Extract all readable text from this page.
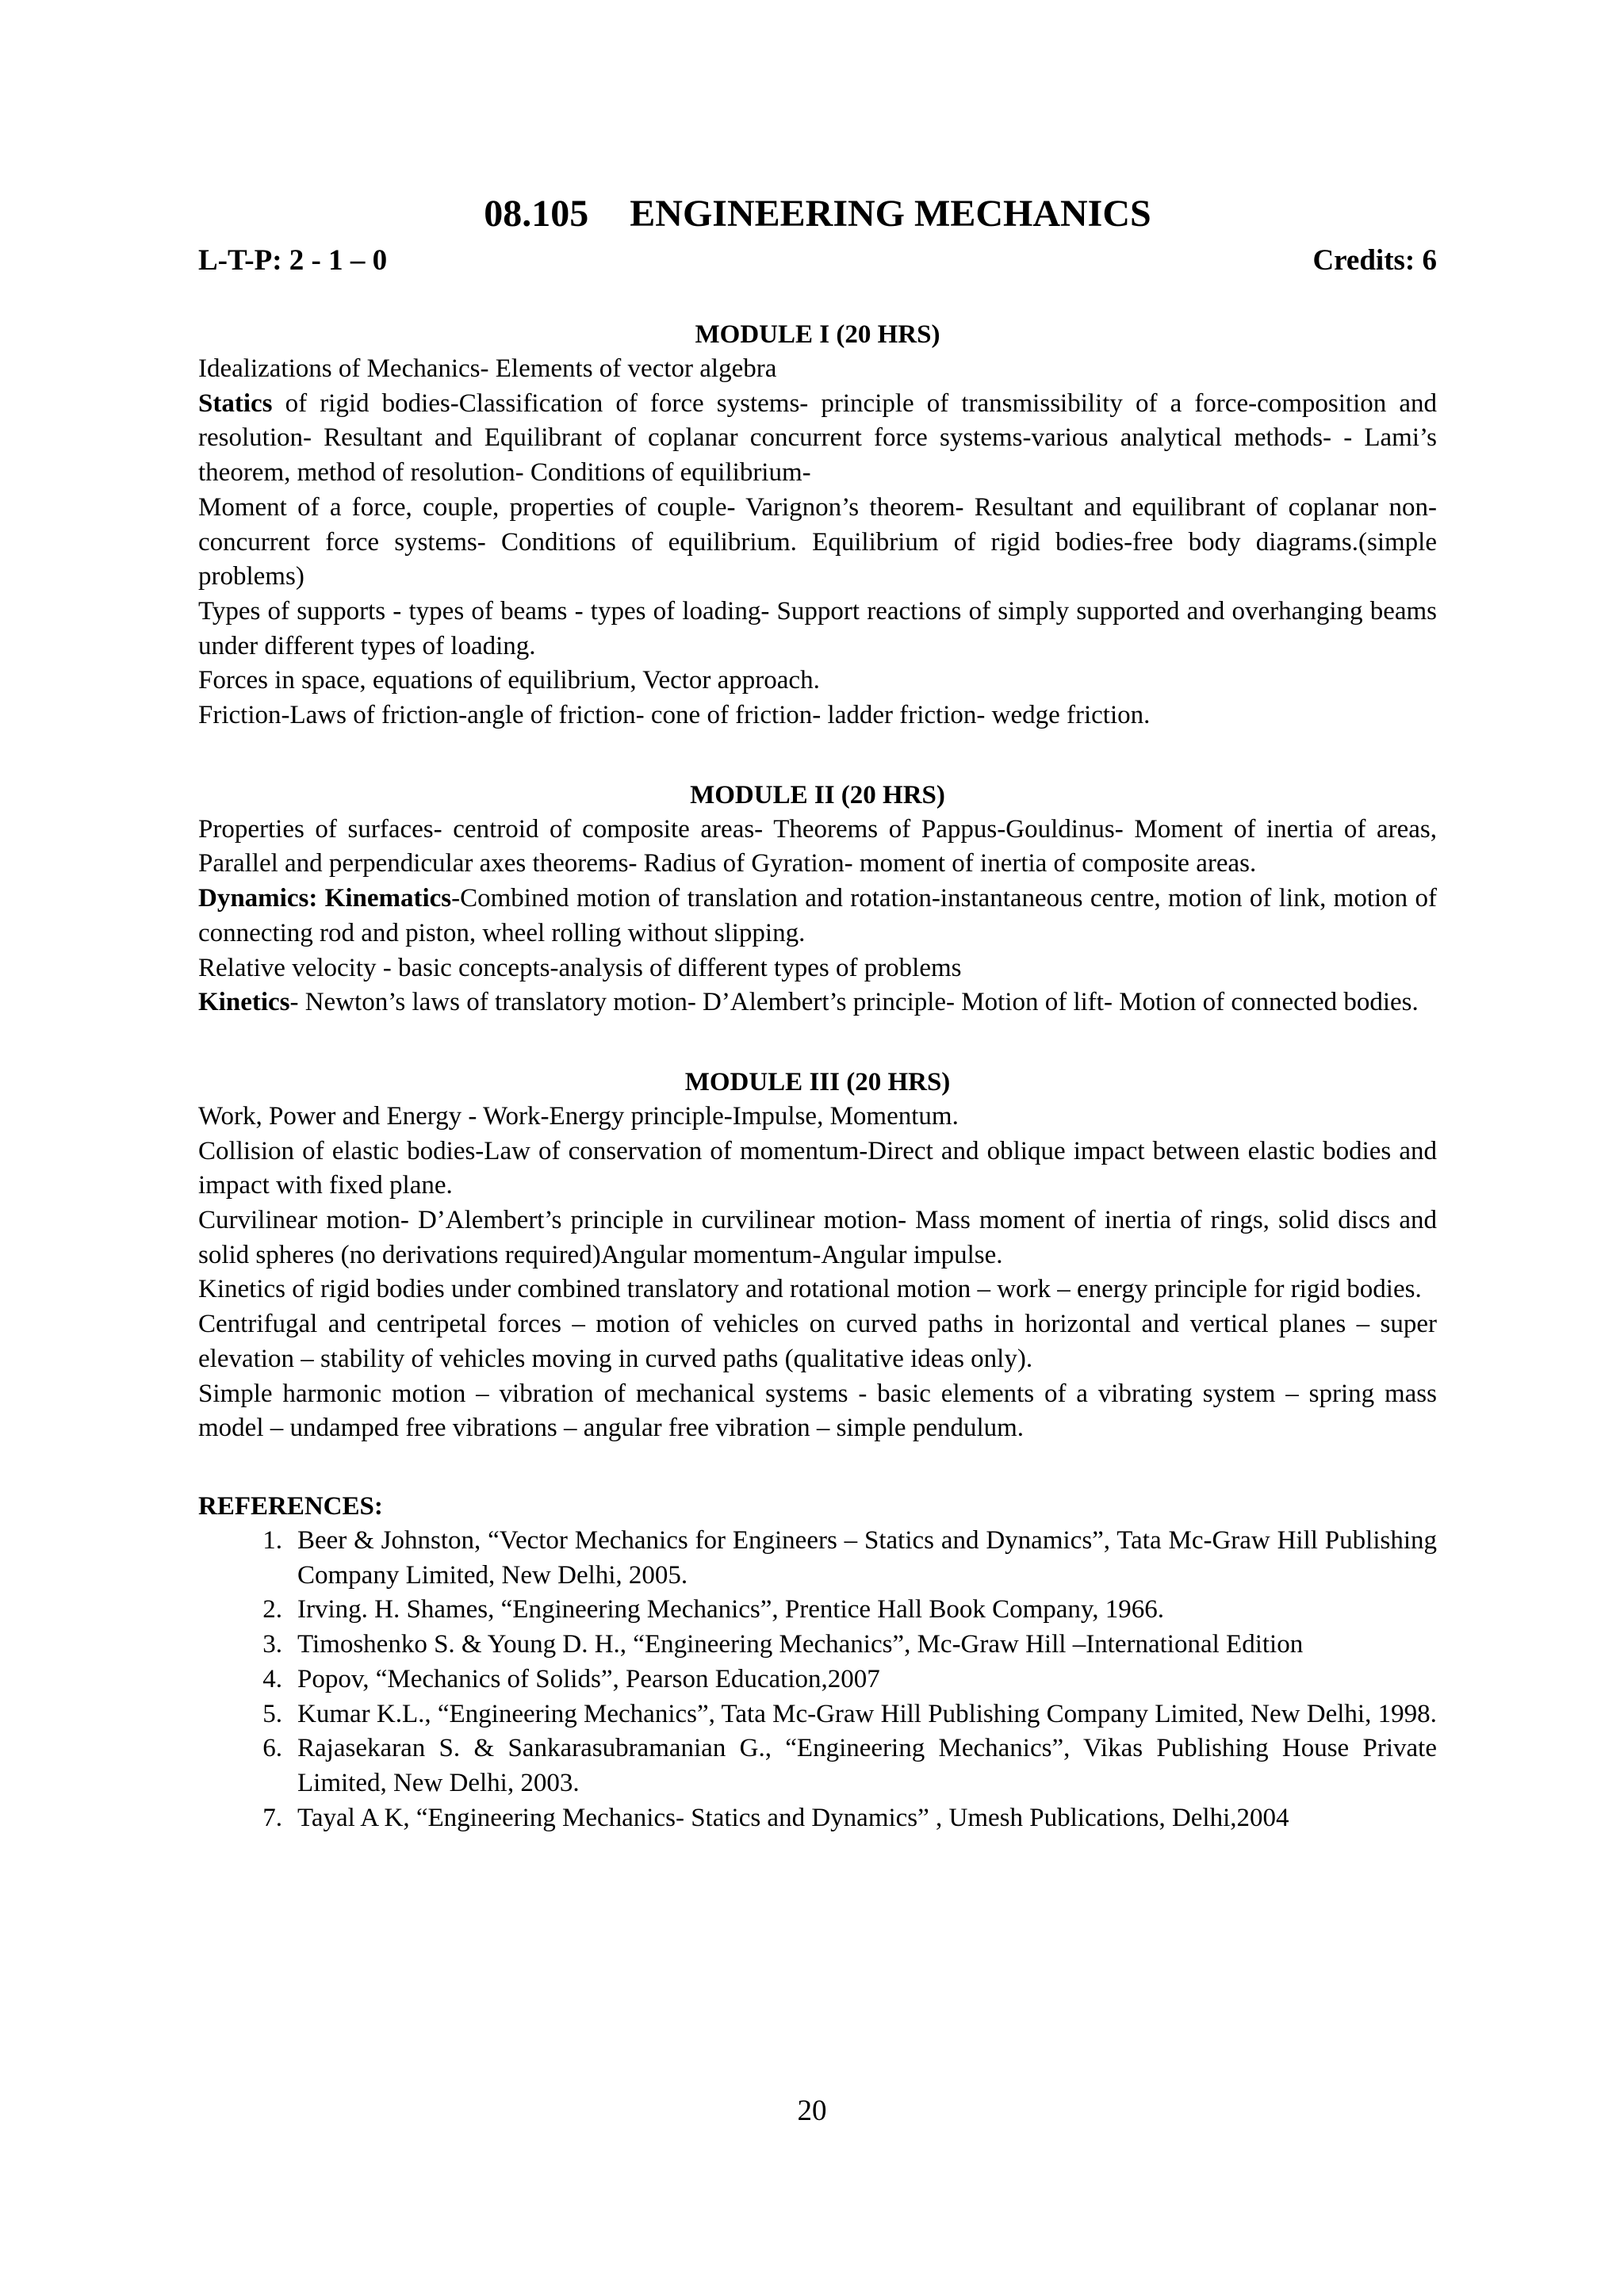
08.105 ENGINEERING MECHANICS
L-T-P: 2 - 1 – 0	Credits: 6
MODULE I (20 HRS)

Idealizations of Mechanics- Elements of vector algebra

Statics of rigid bodies-Classification of force systems- principle of transmissibility of a force-composition and resolution- Resultant and Equilibrant of coplanar concurrent force systems-various analytical methods- - Lami’s theorem, method of resolution- Conditions of equilibrium-

Moment of a force, couple, properties of couple- Varignon’s theorem- Resultant and equilibrant of coplanar non-concurrent force systems- Conditions of equilibrium. Equilibrium of rigid bodies-free body diagrams.(simple problems)

Types of supports - types of beams - types of loading- Support reactions of simply supported and overhanging beams under different types of loading.

Forces in space, equations of equilibrium, Vector approach.

Friction-Laws of friction-angle of friction- cone of friction- ladder friction- wedge friction.

MODULE II (20 HRS)

Properties of surfaces- centroid of composite areas- Theorems of Pappus-Gouldinus- Moment of inertia of areas, Parallel and perpendicular axes theorems- Radius of Gyration- moment of inertia of composite areas.

Dynamics: Kinematics-Combined motion of translation and rotation-instantaneous centre, motion of link, motion of connecting rod and piston, wheel rolling without slipping.

Relative velocity - basic concepts-analysis of different types of problems

Kinetics- Newton’s laws of translatory motion- D’Alembert’s principle- Motion of lift- Motion of connected bodies.

MODULE III (20 HRS)

Work, Power and Energy - Work-Energy principle-Impulse, Momentum.

Collision of elastic bodies-Law of conservation of momentum-Direct and oblique impact between elastic bodies and impact with fixed plane.

Curvilinear motion- D’Alembert’s principle in curvilinear motion- Mass moment of inertia of rings, solid discs and solid spheres (no derivations required)Angular momentum-Angular impulse.

Kinetics of rigid bodies under combined translatory and rotational motion – work – energy principle for rigid bodies.

Centrifugal and centripetal forces – motion of vehicles on curved paths in horizontal and vertical planes – super elevation – stability of vehicles moving in curved paths (qualitative ideas only).

Simple harmonic motion – vibration of mechanical systems - basic elements of a vibrating system – spring mass model – undamped free vibrations – angular free vibration – simple pendulum.

REFERENCES:
1. Beer & Johnston, “Vector Mechanics for Engineers – Statics and Dynamics”, Tata Mc-Graw Hill Publishing Company Limited, New Delhi, 2005.
2. Irving. H. Shames, “Engineering Mechanics”, Prentice Hall Book Company, 1966.
3. Timoshenko S. & Young D. H., “Engineering Mechanics”, Mc-Graw Hill –International Edition
4. Popov, “Mechanics of Solids”, Pearson Education,2007
5. Kumar K.L., “Engineering Mechanics”, Tata Mc-Graw Hill Publishing Company Limited, New Delhi, 1998.
6. Rajasekaran S. & Sankarasubramanian G., “Engineering Mechanics”, Vikas Publishing House Private Limited, New Delhi, 2003.
7. Tayal A K, “Engineering Mechanics- Statics and Dynamics” , Umesh Publications, Delhi,2004
20
